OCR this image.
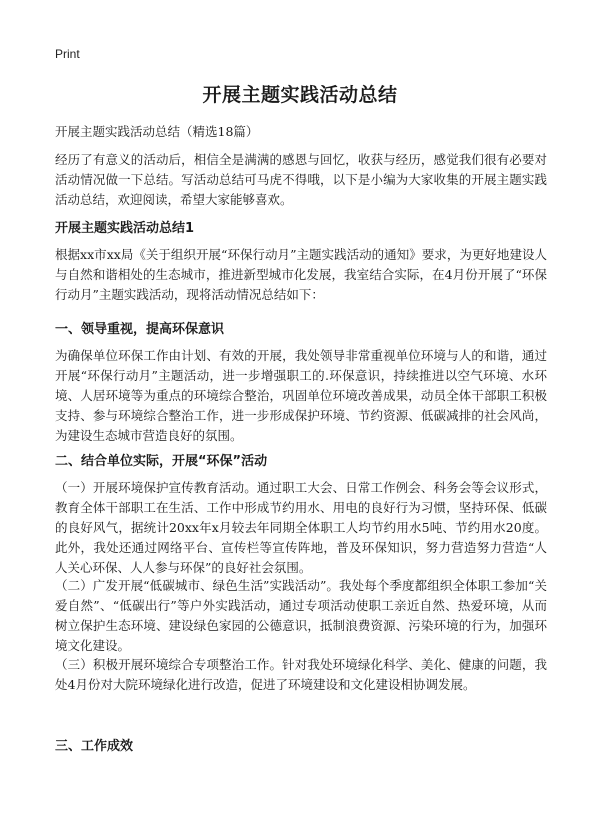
Print
开展主题实践活动总结
开展主题实践活动总结（精选18篇）

经历了有意义的活动后，相信全是满满的感恩与回忆，收获与经历，感觉我们很有必要对活动情况做一下总结。写活动总结可马虎不得哦，以下是小编为大家收集的开展主题实践活动总结，欢迎阅读，希望大家能够喜欢。

开展主题实践活动总结1

根据xx市xx局《关于组织开展“环保行动月”主题实践活动的通知》要求，为更好地建设人与自然和谐相处的生态城市，推进新型城市化发展，我室结合实际，在4月份开展了“环保行动月”主题实践活动，现将活动情况总结如下：

一、领导重视，提高环保意识

为确保单位环保工作由计划、有效的开展，我处领导非常重视单位环境与人的和谐，通过开展“环保行动月”主题活动，进一步增强职工的.环保意识，持续推进以空气环境、水环境、人居环境等为重点的环境综合整治，巩固单位环境改善成果，动员全体干部职工积极支持、参与环境综合整治工作，进一步形成保护环境、节约资源、低碳减排的社会风尚，为建设生态城市营造良好的氛围。

二、结合单位实际，开展“环保”活动

（一）开展环境保护宣传教育活动。通过职工大会、日常工作例会、科务会等会议形式，教育全体干部职工在生活、工作中形成节约用水、用电的良好行为习惯，坚持环保、低碳的良好风气，据统计20xx年x月较去年同期全体职工人均节约用水5吨、节约用水20度。此外，我处还通过网络平台、宣传栏等宣传阵地，普及环保知识，努力营造努力营造“人人关心环保、人人参与环保”的良好社会氛围。

（二）广发开展“低碳城市、绿色生活”实践活动”。我处每个季度都组织全体职工参加“关爱自然”、“低碳出行”等户外实践活动，通过专项活动使职工亲近自然、热爱环境，从而树立保护生态环境、建设绿色家园的公德意识，抵制浪费资源、污染环境的行为，加强环境文化建设。

（三）积极开展环境综合专项整治工作。针对我处环境绿化科学、美化、健康的问题，我处4月份对大院环境绿化进行改造，促进了环境建设和文化建设相协调发展。

三、工作成效
